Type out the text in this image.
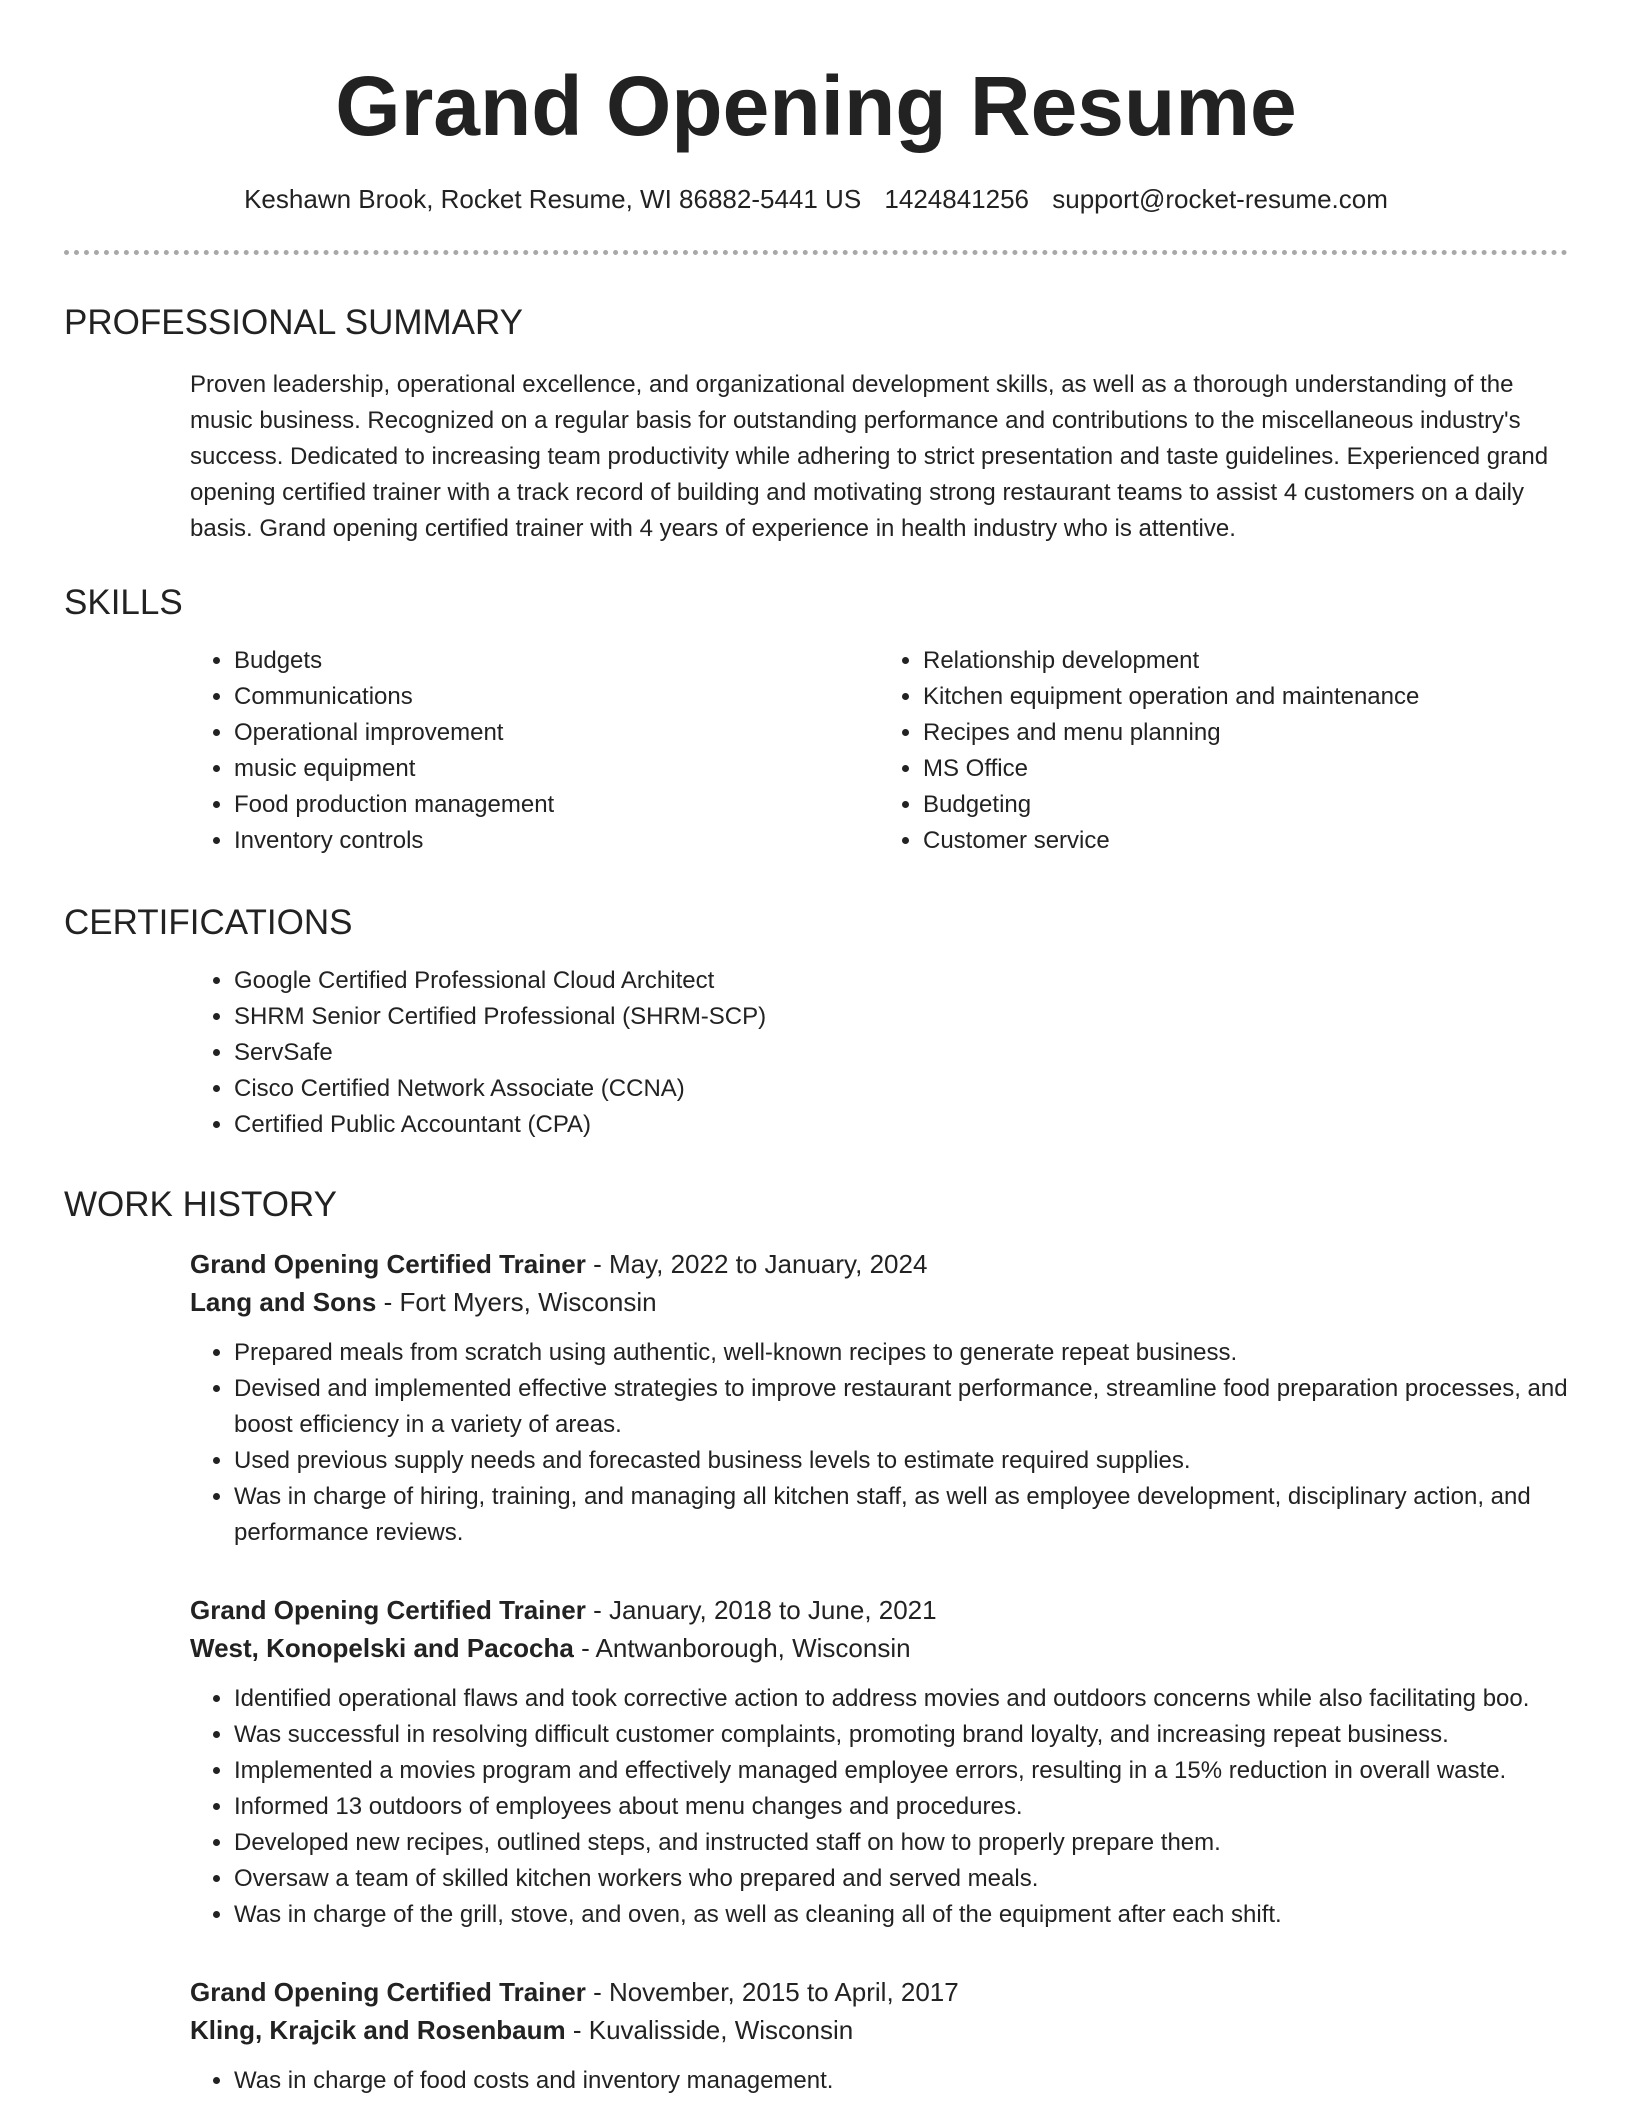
Grand Opening Resume
Keshawn Brook, Rocket Resume, WI 86882-5441 US 1424841256 support@rocket-resume.com
PROFESSIONAL SUMMARY
Proven leadership, operational excellence, and organizational development skills, as well as a thorough understanding of the music business. Recognized on a regular basis for outstanding performance and contributions to the miscellaneous industry's success. Dedicated to increasing team productivity while adhering to strict presentation and taste guidelines. Experienced grand opening certified trainer with a track record of building and motivating strong restaurant teams to assist 4 customers on a daily basis. Grand opening certified trainer with 4 years of experience in health industry who is attentive.
SKILLS
• Budgets
• Communications
• Operational improvement
• music equipment
• Food production management
• Inventory controls
• Relationship development
• Kitchen equipment operation and maintenance
• Recipes and menu planning
• MS Office
• Budgeting
• Customer service
CERTIFICATIONS
• Google Certified Professional Cloud Architect
• SHRM Senior Certified Professional (SHRM-SCP)
• ServSafe
• Cisco Certified Network Associate (CCNA)
• Certified Public Accountant (CPA)
WORK HISTORY
Grand Opening Certified Trainer - May, 2022 to January, 2024
Lang and Sons - Fort Myers, Wisconsin
• Prepared meals from scratch using authentic, well-known recipes to generate repeat business.
• Devised and implemented effective strategies to improve restaurant performance, streamline food preparation processes, and boost efficiency in a variety of areas.
• Used previous supply needs and forecasted business levels to estimate required supplies.
• Was in charge of hiring, training, and managing all kitchen staff, as well as employee development, disciplinary action, and performance reviews.
Grand Opening Certified Trainer - January, 2018 to June, 2021
West, Konopelski and Pacocha - Antwanborough, Wisconsin
• Identified operational flaws and took corrective action to address movies and outdoors concerns while also facilitating boo.
• Was successful in resolving difficult customer complaints, promoting brand loyalty, and increasing repeat business.
• Implemented a movies program and effectively managed employee errors, resulting in a 15% reduction in overall waste.
• Informed 13 outdoors of employees about menu changes and procedures.
• Developed new recipes, outlined steps, and instructed staff on how to properly prepare them.
• Oversaw a team of skilled kitchen workers who prepared and served meals.
• Was in charge of the grill, stove, and oven, as well as cleaning all of the equipment after each shift.
Grand Opening Certified Trainer - November, 2015 to April, 2017
Kling, Krajcik and Rosenbaum - Kuvalisside, Wisconsin
• Was in charge of food costs and inventory management.
